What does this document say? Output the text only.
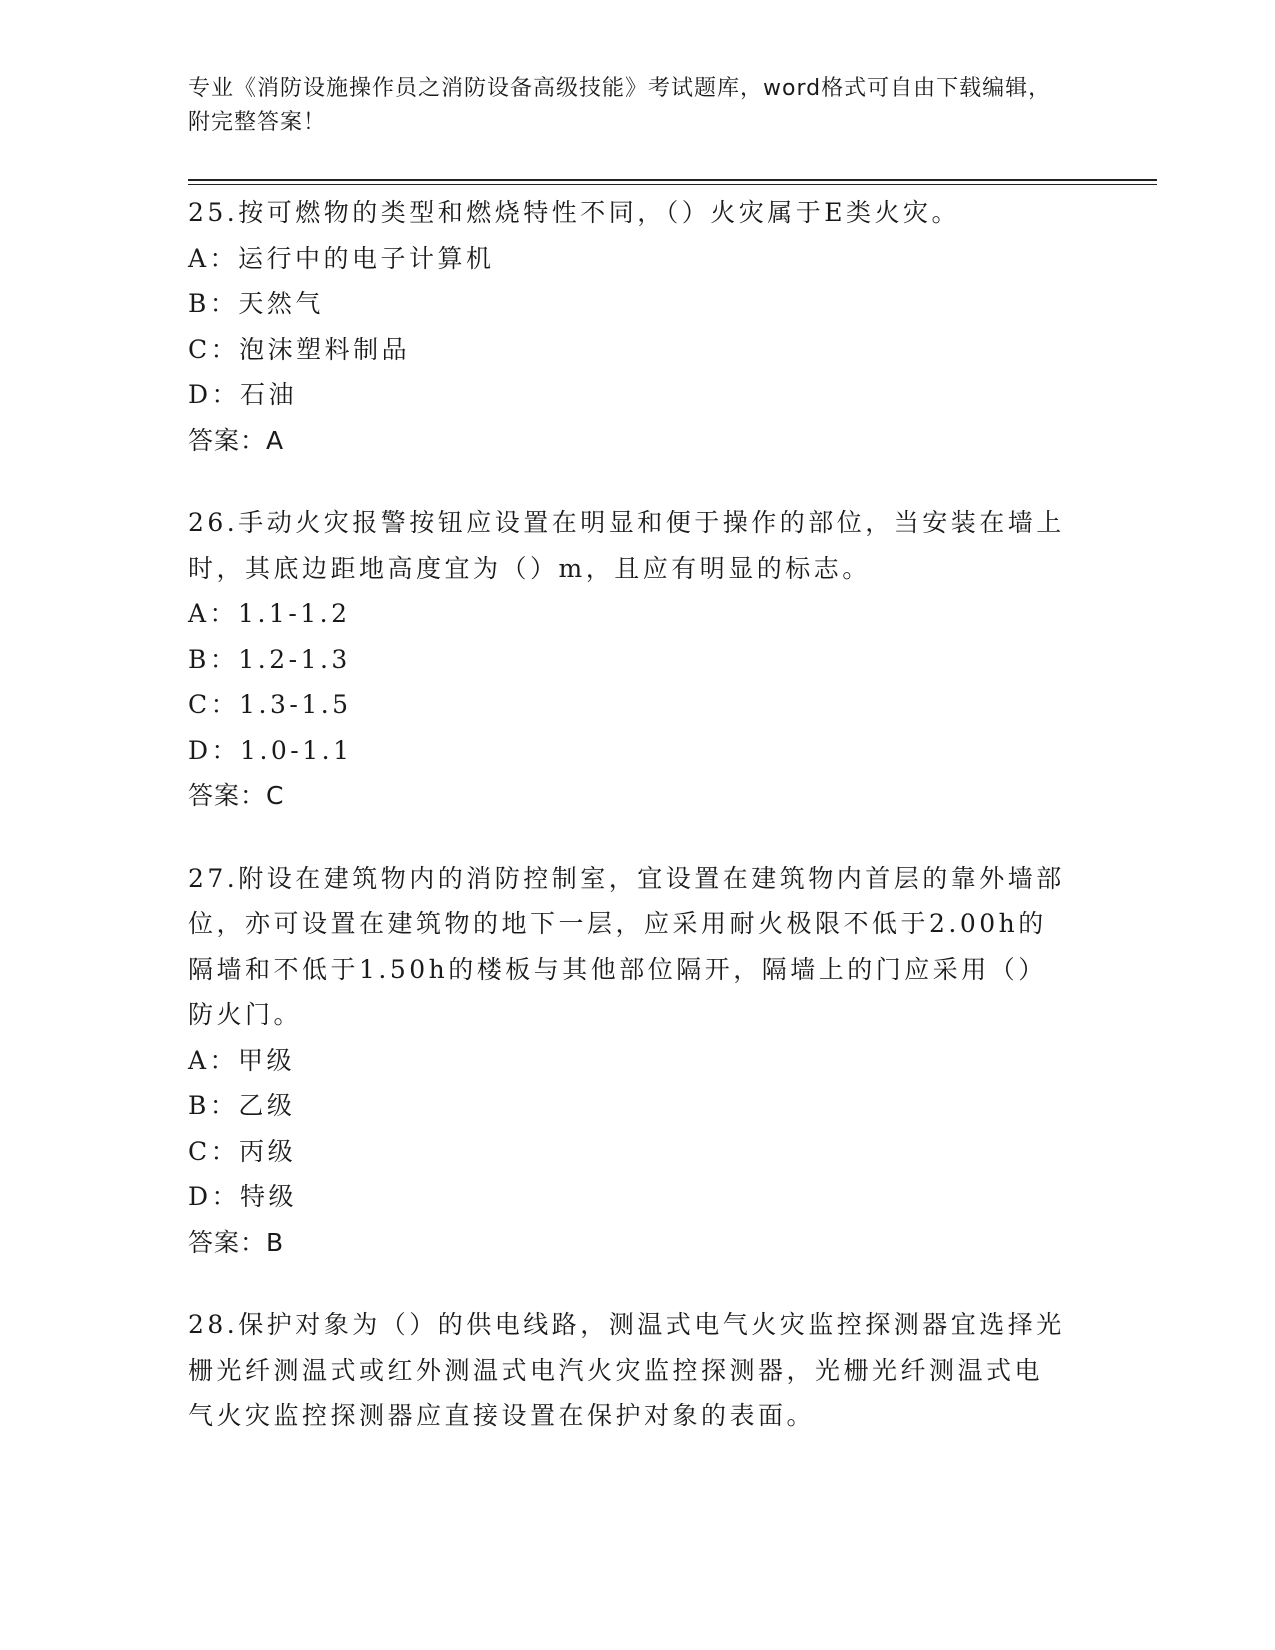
专业《消防设施操作员之消防设备高级技能》考试题库，word格式可自由下载编辑，附完整答案！
25.按可燃物的类型和燃烧特性不同，（）火灾属于E类火灾。
A：运行中的电子计算机
B：天然气
C：泡沫塑料制品
D：石油
答案：A
26.手动火灾报警按钮应设置在明显和便于操作的部位，当安装在墙上时，其底边距地高度宜为（）m，且应有明显的标志。
A：1.1-1.2
B：1.2-1.3
C：1.3-1.5
D：1.0-1.1
答案：C
27.附设在建筑物内的消防控制室，宜设置在建筑物内首层的靠外墙部位，亦可设置在建筑物的地下一层，应采用耐火极限不低于2.00h的隔墙和不低于1.50h的楼板与其他部位隔开，隔墙上的门应采用（）防火门。
A：甲级
B：乙级
C：丙级
D：特级
答案：B
28.保护对象为（）的供电线路，测温式电气火灾监控探测器宜选择光栅光纤测温式或红外测温式电汽火灾监控探测器，光栅光纤测温式电气火灾监控探测器应直接设置在保护对象的表面。
